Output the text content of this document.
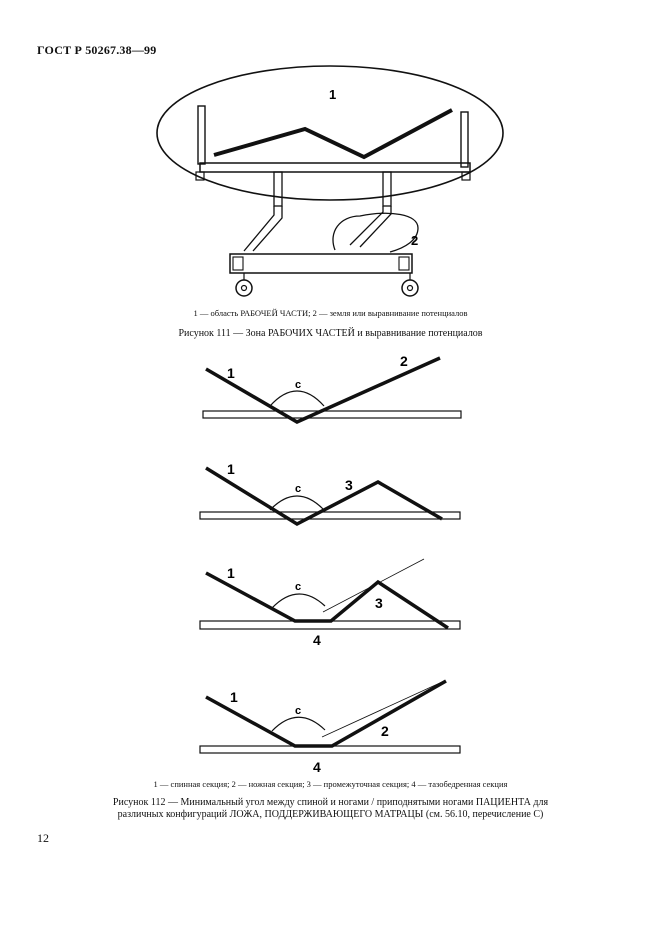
ГОСТ Р 50267.38—99
1
2
1 — область РАБОЧЕЙ ЧАСТИ; 2 — земля или выравнивание потенциалов
Рисунок 111 — Зона РАБОЧИХ ЧАСТЕЙ и выравнивание потенциалов
1
c
2
1
c	3
1
c
3
4
1
c
2
4
1 — спинная секция; 2 — ножная секция; 3 — промежуточная секция; 4 — тазобедренная секция
Рисунок 112 — Минимальный угол между спиной и ногами / приподнятыми ногами ПАЦИЕНТА для
различных конфигураций ЛОЖА, ПОДДЕРЖИВАЮЩЕГО МАТРАЦЫ (см. 56.10, перечисление С)
12
